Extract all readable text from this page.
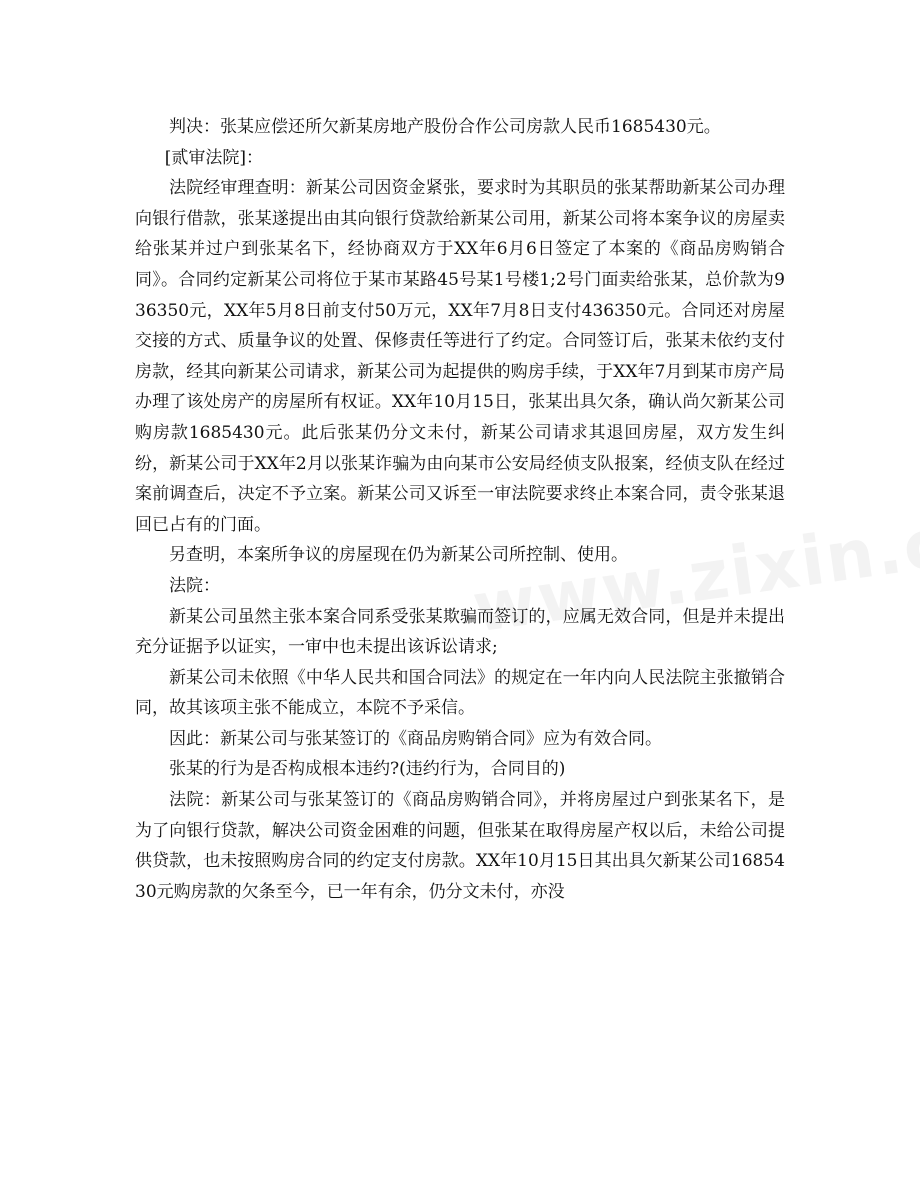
判决：张某应偿还所欠新某房地产股份合作公司房款人民币1685430元。

[贰审法院]：

法院经审理查明：新某公司因资金紧张，要求时为其职员的张某帮助新某公司办理向银行借款，张某遂提出由其向银行贷款给新某公司用，新某公司将本案争议的房屋卖给张某并过户到张某名下，经协商双方于XX年6月6日签定了本案的《商品房购销合同》。合同约定新某公司将位于某市某路45号某1号楼1;2号门面卖给张某，总价款为936350元，XX年5月8日前支付50万元，XX年7月8日支付436350元。合同还对房屋交接的方式、质量争议的处置、保修责任等进行了约定。合同签订后，张某未依约支付房款，经其向新某公司请求，新某公司为起提供的购房手续，于XX年7月到某市房产局办理了该处房产的房屋所有权证。XX年10月15日，张某出具欠条，确认尚欠新某公司购房款1685430元。此后张某仍分文未付，新某公司请求其退回房屋，双方发生纠纷，新某公司于XX年2月以张某诈骗为由向某市公安局经侦支队报案，经侦支队在经过案前调查后，决定不予立案。新某公司又诉至一审法院要求终止本案合同，责令张某退回已占有的门面。

另查明，本案所争议的房屋现在仍为新某公司所控制、使用。

法院：

新某公司虽然主张本案合同系受张某欺骗而签订的，应属无效合同，但是并未提出充分证据予以证实，一审中也未提出该诉讼请求;

新某公司未依照《中华人民共和国合同法》的规定在一年内向人民法院主张撤销合同，故其该项主张不能成立，本院不予采信。

因此：新某公司与张某签订的《商品房购销合同》应为有效合同。

张某的行为是否构成根本违约?(违约行为，合同目的)

法院：新某公司与张某签订的《商品房购销合同》，并将房屋过户到张某名下，是为了向银行贷款，解决公司资金困难的问题，但张某在取得房屋产权以后，未给公司提供贷款，也未按照购房合同的约定支付房款。XX年10月15日其出具欠新某公司1685430元购房款的欠条至今，已一年有余，仍分文未付，亦没
